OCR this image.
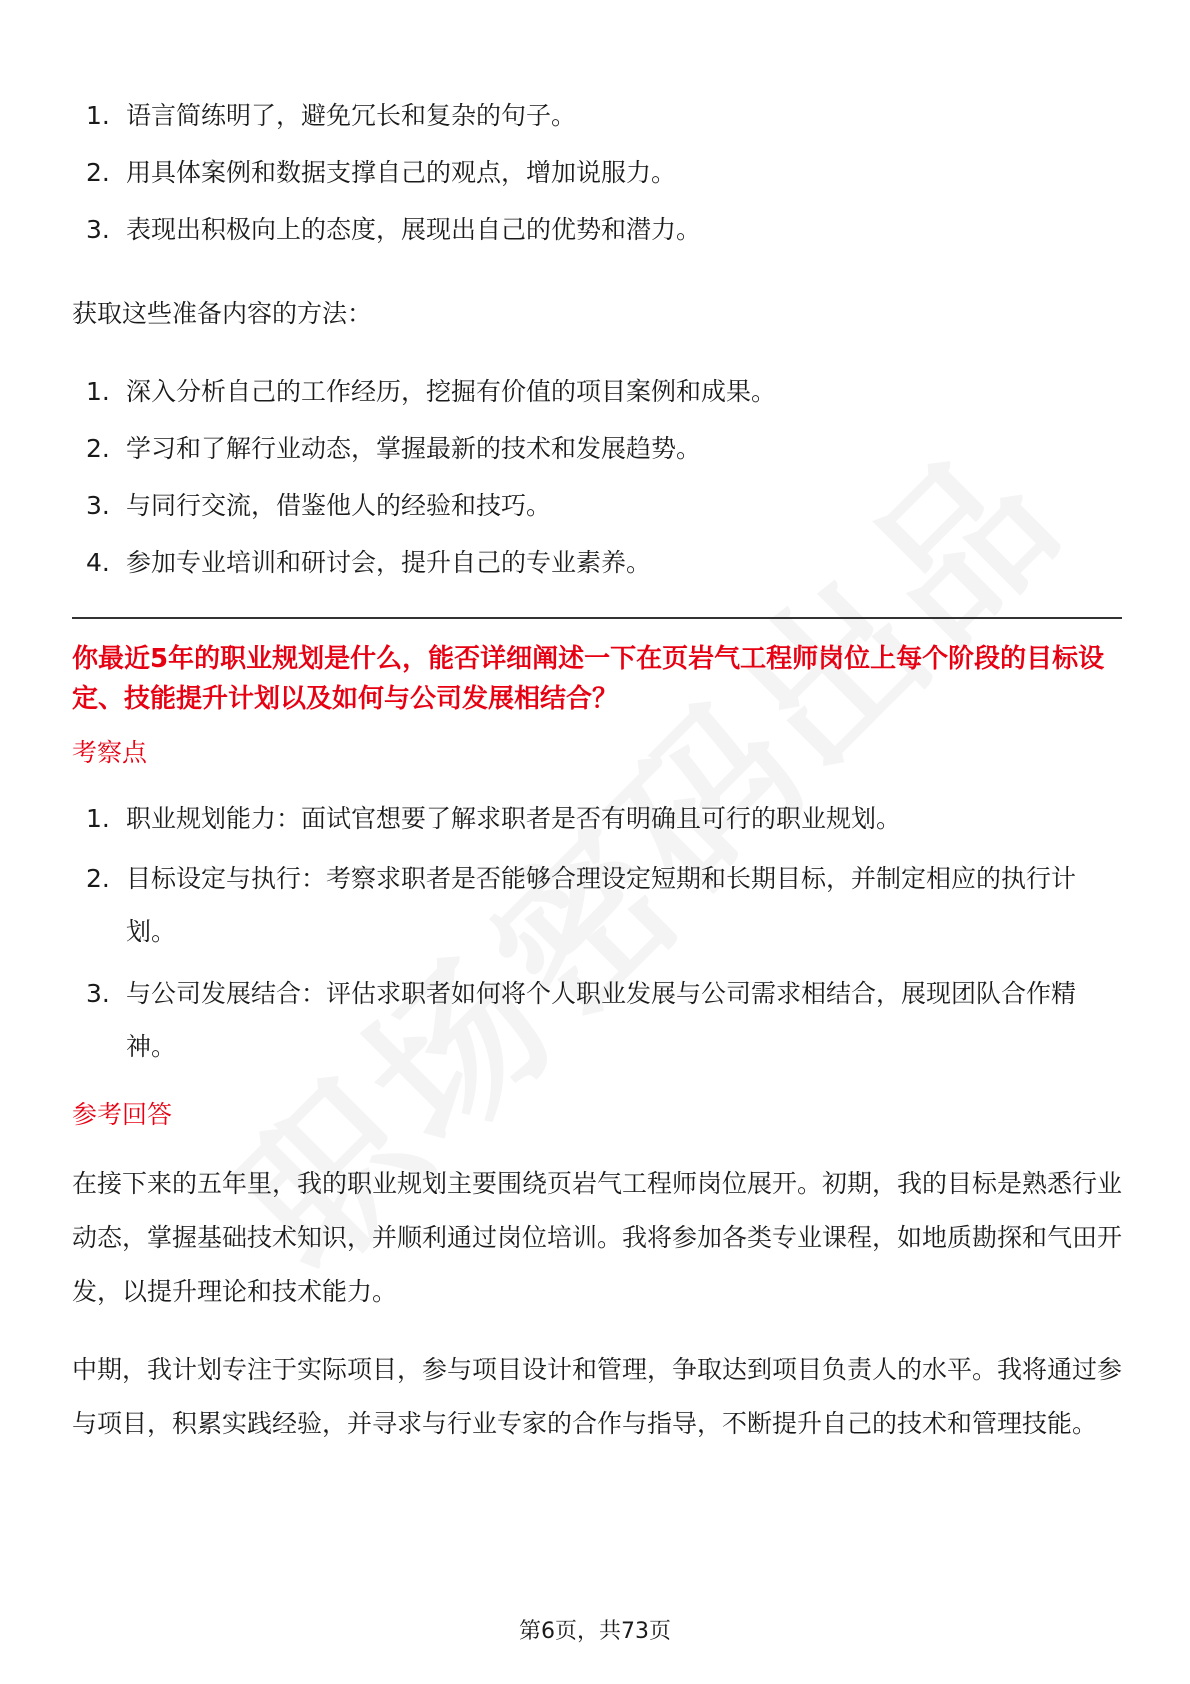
1. 语言简练明了，避免冗长和复杂的句子。
2. 用具体案例和数据支撑自己的观点，增加说服力。
3. 表现出积极向上的态度，展现出自己的优势和潜力。

获取这些准备内容的方法：

1. 深入分析自己的工作经历，挖掘有价值的项目案例和成果。
2. 学习和了解行业动态，掌握最新的技术和发展趋势。
3. 与同行交流，借鉴他人的经验和技巧。
4. 参加专业培训和研讨会，提升自己的专业素养。

你最近5年的职业规划是什么，能否详细阐述一下在页岩气工程师岗位上每个阶段的目标设定、技能提升计划以及如何与公司发展相结合？

考察点

1. 职业规划能力：面试官想要了解求职者是否有明确且可行的职业规划。
2. 目标设定与执行：考察求职者是否能够合理设定短期和长期目标，并制定相应的执行计划。
3. 与公司发展结合：评估求职者如何将个人职业发展与公司需求相结合，展现团队合作精神。

参考回答

在接下来的五年里，我的职业规划主要围绕页岩气工程师岗位展开。初期，我的目标是熟悉行业动态，掌握基础技术知识，并顺利通过岗位培训。我将参加各类专业课程，如地质勘探和气田开发，以提升理论和技术能力。

中期，我计划专注于实际项目，参与项目设计和管理，争取达到项目负责人的水平。我将通过参与项目，积累实践经验，并寻求与行业专家的合作与指导，不断提升自己的技术和管理技能。

第6页，共73页
